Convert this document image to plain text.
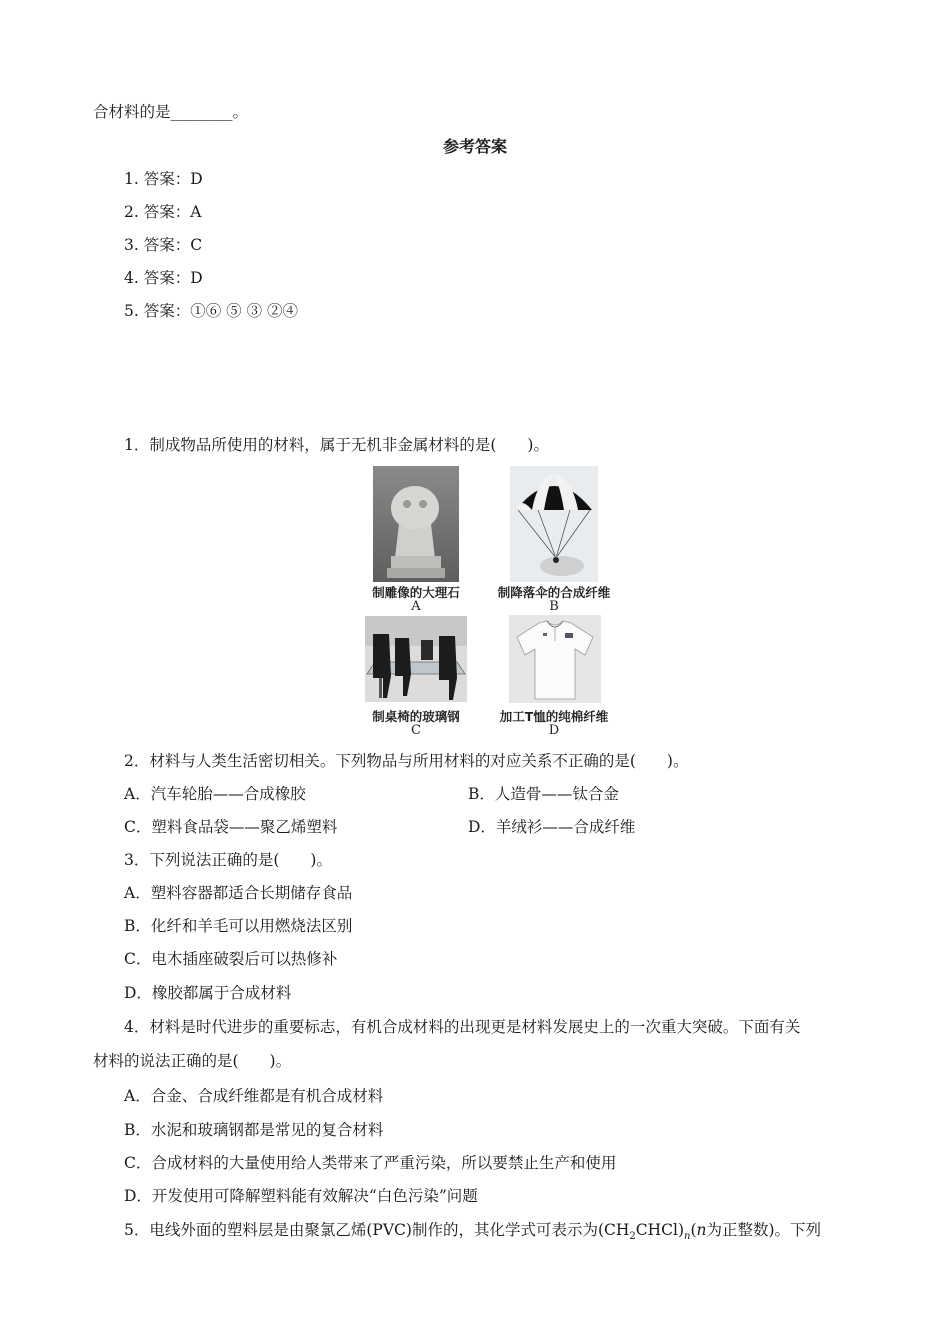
合材料的是________。
参考答案
1. 答案：D
2. 答案：A
3. 答案：C
4. 答案：D
5. 答案：①⑥ ⑤ ③ ②④
1．制成物品所使用的材料，属于无机非金属材料的是(　　)。
制雕像的大理石
A
制降落伞的合成纤维
B
制桌椅的玻璃钢
C
加工T恤的纯棉纤维
D
2．材料与人类生活密切相关。下列物品与所用材料的对应关系不正确的是(　　)。
A．汽车轮胎——合成橡胶	B．人造骨——钛合金
C．塑料食品袋——聚乙烯塑料	D．羊绒衫——合成纤维
3．下列说法正确的是(　　)。
A．塑料容器都适合长期储存食品
B．化纤和羊毛可以用燃烧法区别
C．电木插座破裂后可以热修补
D．橡胶都属于合成材料
4．材料是时代进步的重要标志，有机合成材料的出现更是材料发展史上的一次重大突破。下面有关
材料的说法正确的是(　　)。
A．合金、合成纤维都是有机合成材料
B．水泥和玻璃钢都是常见的复合材料
C．合成材料的大量使用给人类带来了严重污染，所以要禁止生产和使用
D．开发使用可降解塑料能有效解决“白色污染”问题
5．电线外面的塑料层是由聚氯乙烯(PVC)制作的，其化学式可表示为$(CH_2CHCl)_n(n$为正整数)。下列
